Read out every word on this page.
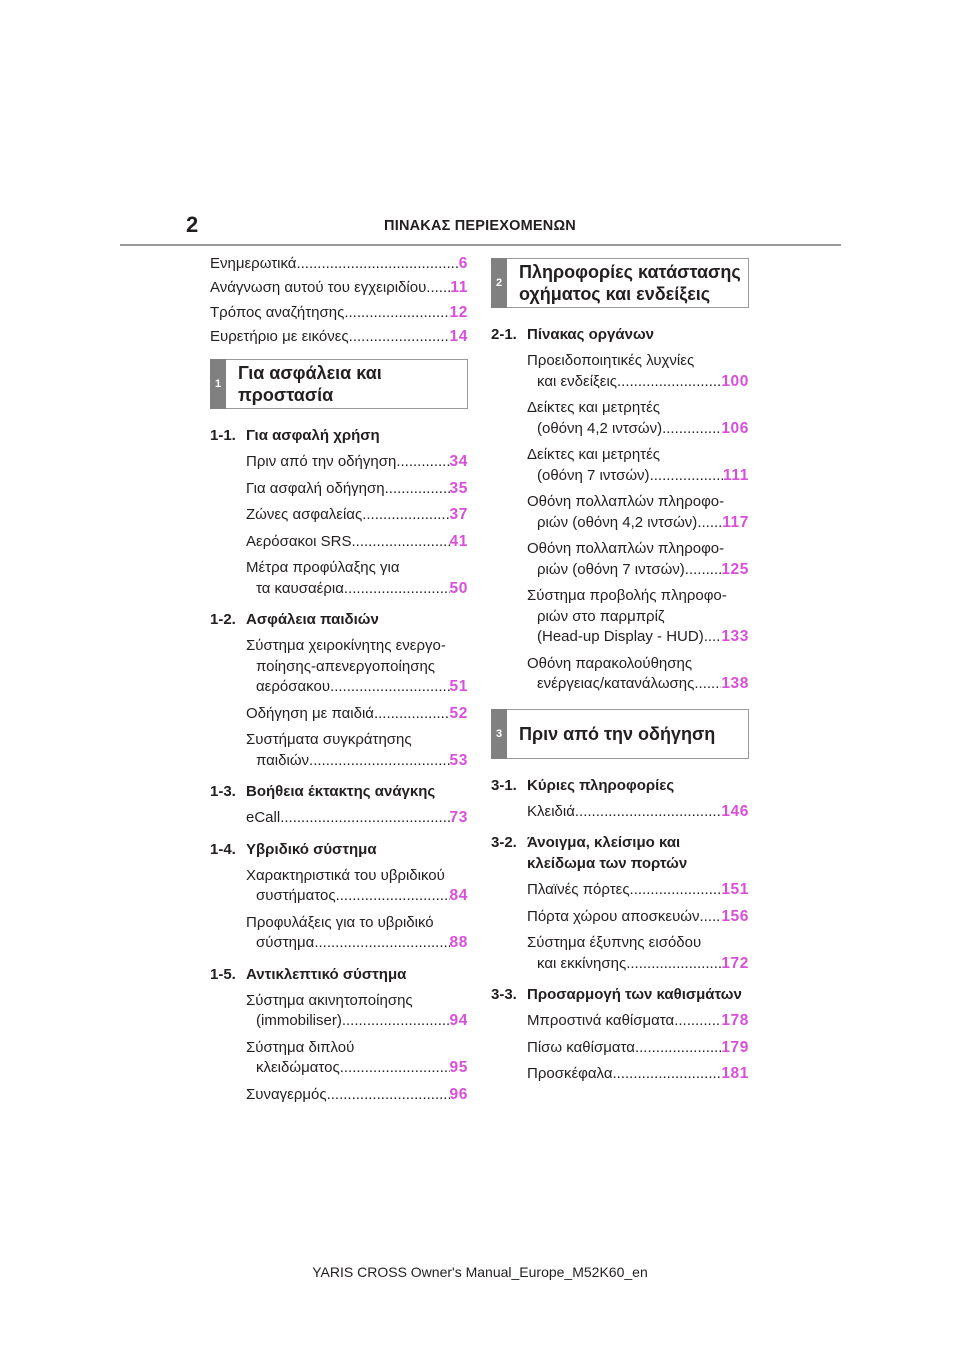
2	ΠΙΝΑΚΑΣ ΠΕΡΙΕΧΟΜΕΝΩΝ
Ενημερωτικά .....	6
Ανάγνωση αυτού του εγχειριδίου ..... 11
Τρόπος αναζήτησης .....	12
Ευρετήριο με εικόνες .....	14
1
Για ασφάλεια και
προστασία
1-1. Για ασφαλή χρήση
Πριν από την οδήγηση .....	34
Για ασφαλή οδήγηση .....	35
Ζώνες ασφαλείας .....	37
Αερόσακοι SRS .....	41
Μέτρα προφύλαξης για
τα καυσαέρια .....	50
1-2. Ασφάλεια παιδιών
Σύστημα χειροκίνητης ενεργο-
ποίησης-απενεργοποίησης
αερόσακου .....	51
Οδήγηση με παιδιά .....	52
Συστήματα συγκράτησης
παιδιών .....	53
1-3. Βοήθεια έκτακτης ανάγκης
eCall .....	73
1-4. Υβριδικό σύστημα
Χαρακτηριστικά του υβριδικού
συστήματος .....	84
Προφυλάξεις για το υβριδικό
σύστημα .....	88
1-5. Αντικλεπτικό σύστημα
Σύστημα ακινητοποίησης
(immobiliser) .....	94
Σύστημα διπλού
κλειδώματος .....	95
Συναγερμός .....	96
2
Πληροφορίες κατάστασης
οχήματος και ενδείξεις
2-1. Πίνακας οργάνων
Προειδοποιητικές λυχνίες
και ενδείξεις .....	100
Δείκτες και μετρητές
(οθόνη 4,2 ιντσών) .....	106
Δείκτες και μετρητές
(οθόνη 7 ιντσών) .....	111
Οθόνη πολλαπλών πληροφο-
ριών (οθόνη 4,2 ιντσών) ..... 117
Οθόνη πολλαπλών πληροφο-
ριών (οθόνη 7 ιντσών) ..... 125
Σύστημα προβολής πληροφο-
ριών στο παρμπρίζ
(Head-up Display - HUD) ..... 133
Οθόνη παρακολούθησης
ενέργειας/κατανάλωσης ..... 138
3 Πριν από την οδήγηση
3-1. Κύριες πληροφορίες
Κλειδιά .....	146
3-2. Άνοιγμα, κλείσιμο και
κλείδωμα των πορτών
Πλαϊνές πόρτες .....	151
Πόρτα χώρου αποσκευών ..... 156
Σύστημα έξυπνης εισόδου
και εκκίνησης .....	172
3-3. Προσαρμογή των καθισμάτων
Μπροστινά καθίσματα .....	178
Πίσω καθίσματα .....	179
Προσκέφαλα .....	181
YARIS CROSS Owner's Manual_Europe_M52K60_en
